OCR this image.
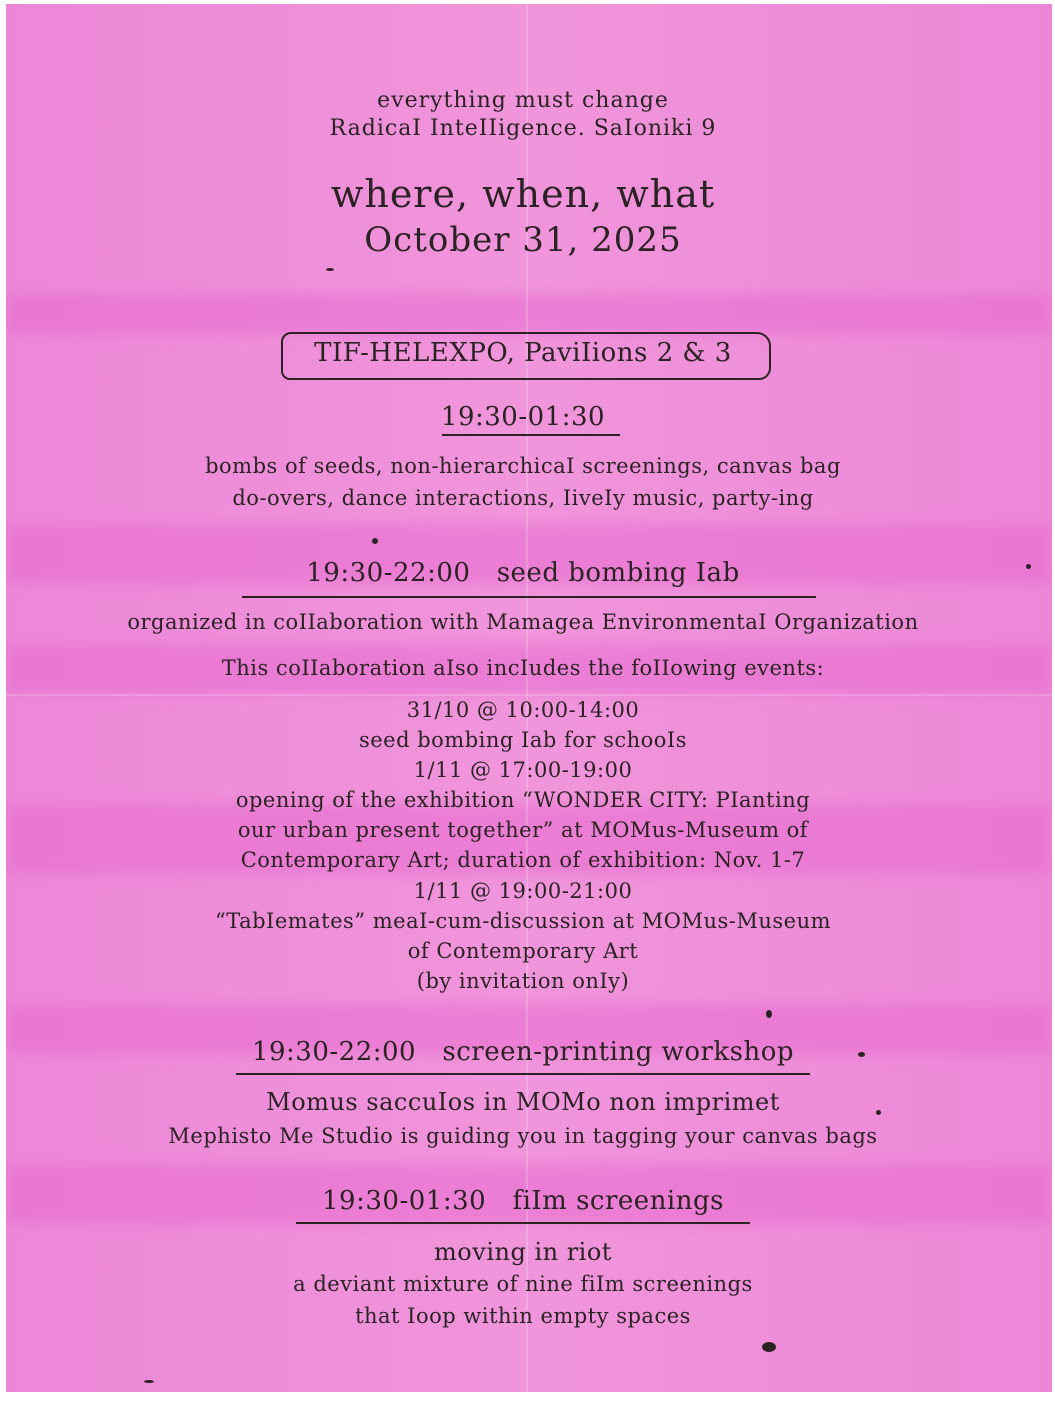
everything must change
RadicaI InteIIigence. SaIoniki 9
where, when, what
October 31, 2025
TIF-HELEXPO, PaviIions 2 & 3
19:30-01:30
bombs of seeds, non-hierarchicaI screenings, canvas bag
do-overs, dance interactions, IiveIy music, party-ing
19:30-22:00 seed bombing Iab
organized in coIIaboration with Mamagea EnvironmentaI Organization
This coIIaboration aIso incIudes the foIIowing events:
31/10 @ 10:00-14:00
seed bombing Iab for schooIs
1/11 @ 17:00-19:00
opening of the exhibition “WONDER CITY: PIanting
our urban present together” at MOMus-Museum of
Contemporary Art; duration of exhibition: Nov. 1-7
1/11 @ 19:00-21:00
“TabIemates” meaI-cum-discussion at MOMus-Museum
of Contemporary Art
(by invitation onIy)
19:30-22:00 screen-printing workshop
Momus saccuIos in MOMo non imprimet
Mephisto Me Studio is guiding you in tagging your canvas bags
19:30-01:30 fiIm screenings
moving in riot
a deviant mixture of nine fiIm screenings
that Ioop within empty spaces
